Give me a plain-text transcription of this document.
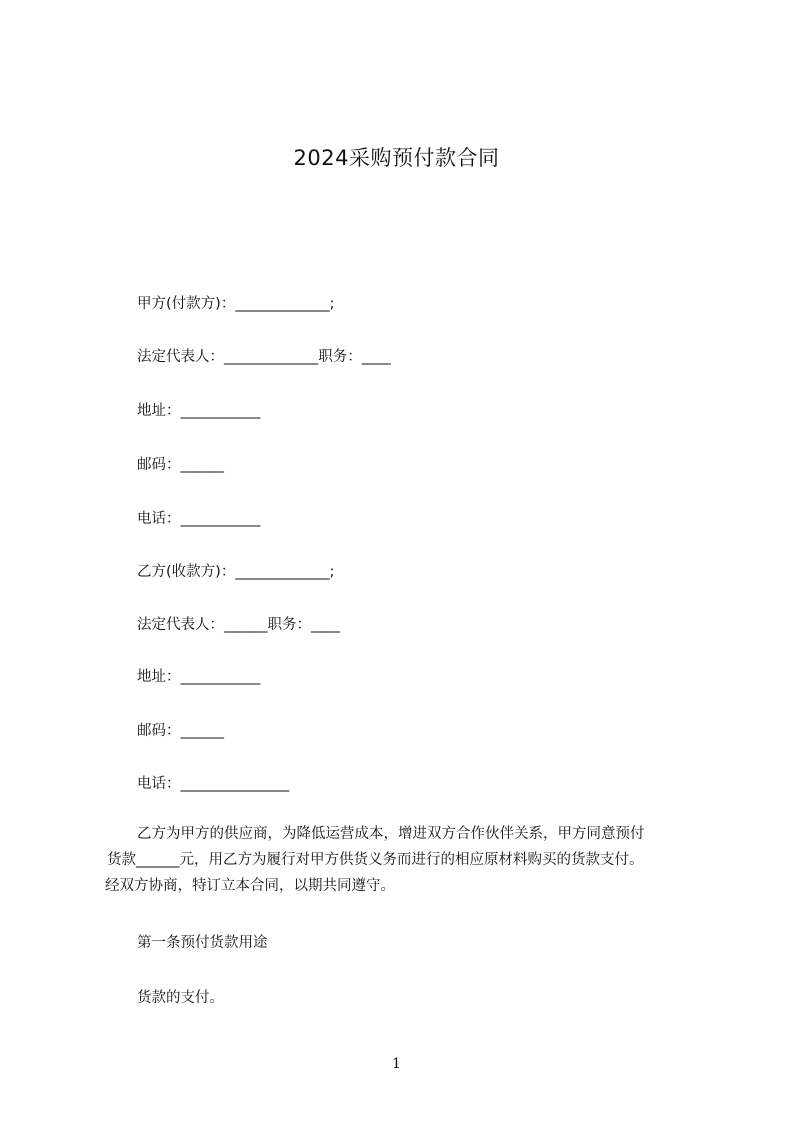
2024采购预付款合同
甲方(付款方)：_____________;
法定代表人：_____________职务：____
地址：___________
邮码：______
电话：___________
乙方(收款方)：_____________;
法定代表人：______职务：____
地址：___________
邮码：______
电话：_______________
乙方为甲方的供应商，为降低运营成本，增进双方合作伙伴关系，甲方同意预付
货款______元，用乙方为履行对甲方供货义务而进行的相应原材料购买的货款支付。
经双方协商，特订立本合同，以期共同遵守。
第一条预付货款用途
货款的支付。
1
